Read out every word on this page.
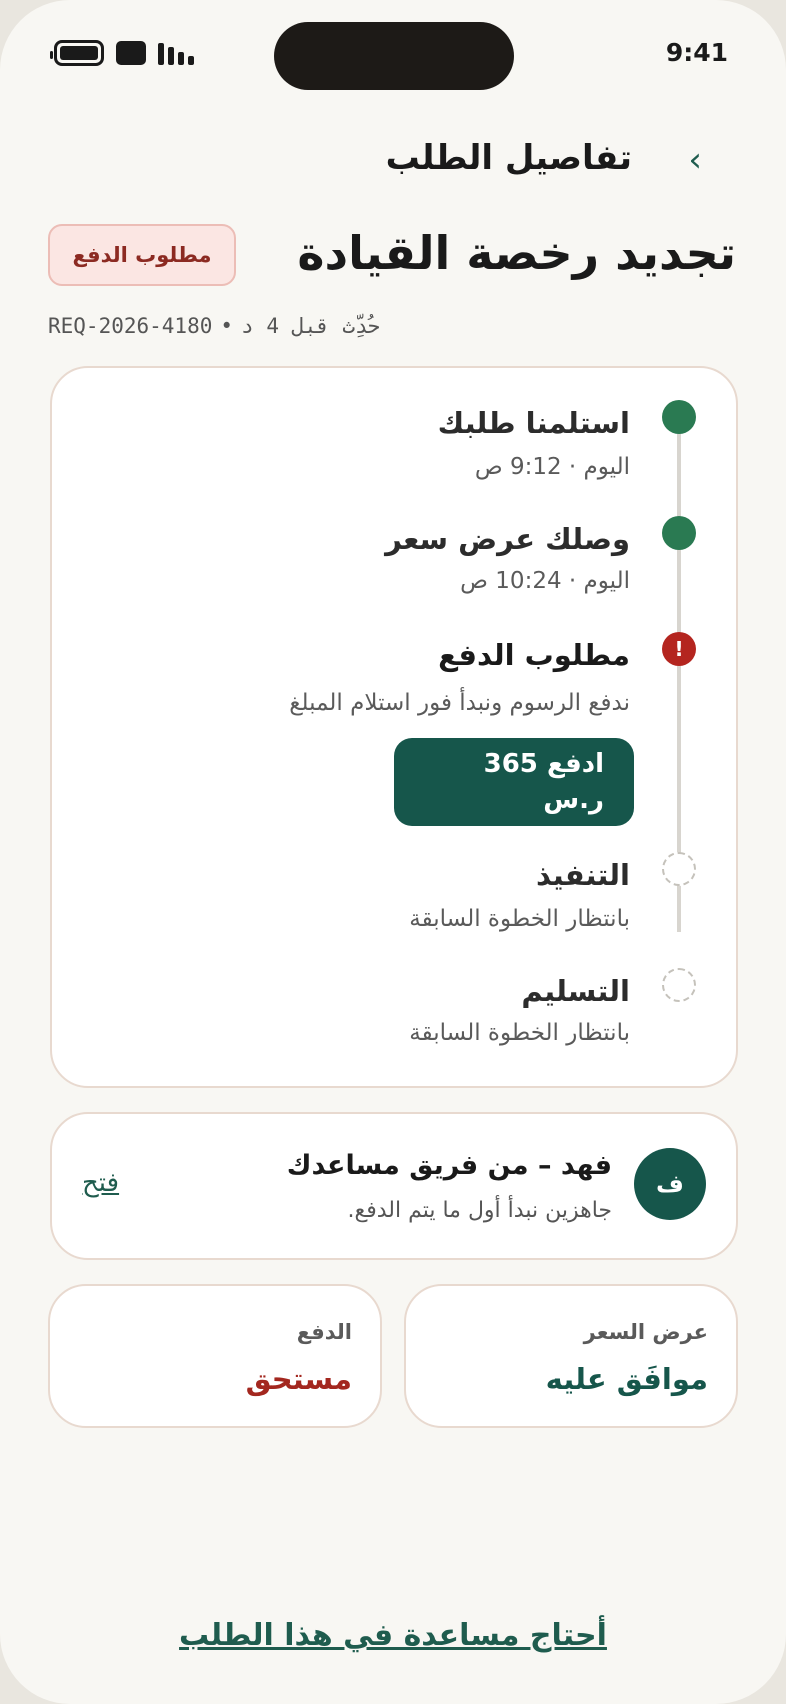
9:41
‹
تفاصيل الطلب
تجديد رخصة القيادة
مطلوب الدفع
REQ-2026-4180 • حُدِّث قبل 4 د
استلمنا طلبك
اليوم · 9:12 ص
وصلك عرض سعر
اليوم · 10:24 ص
!
مطلوب الدفع
ندفع الرسوم ونبدأ فور استلام المبلغ
ادفع 365
ر.س
التنفيذ
بانتظار الخطوة السابقة
التسليم
بانتظار الخطوة السابقة
ف
فهد – من فريق مساعدك
جاهزين نبدأ أول ما يتم الدفع.
فتح
عرض السعر
موافَق عليه
الدفع
مستحق
أحتاج مساعدة في هذا الطلب
